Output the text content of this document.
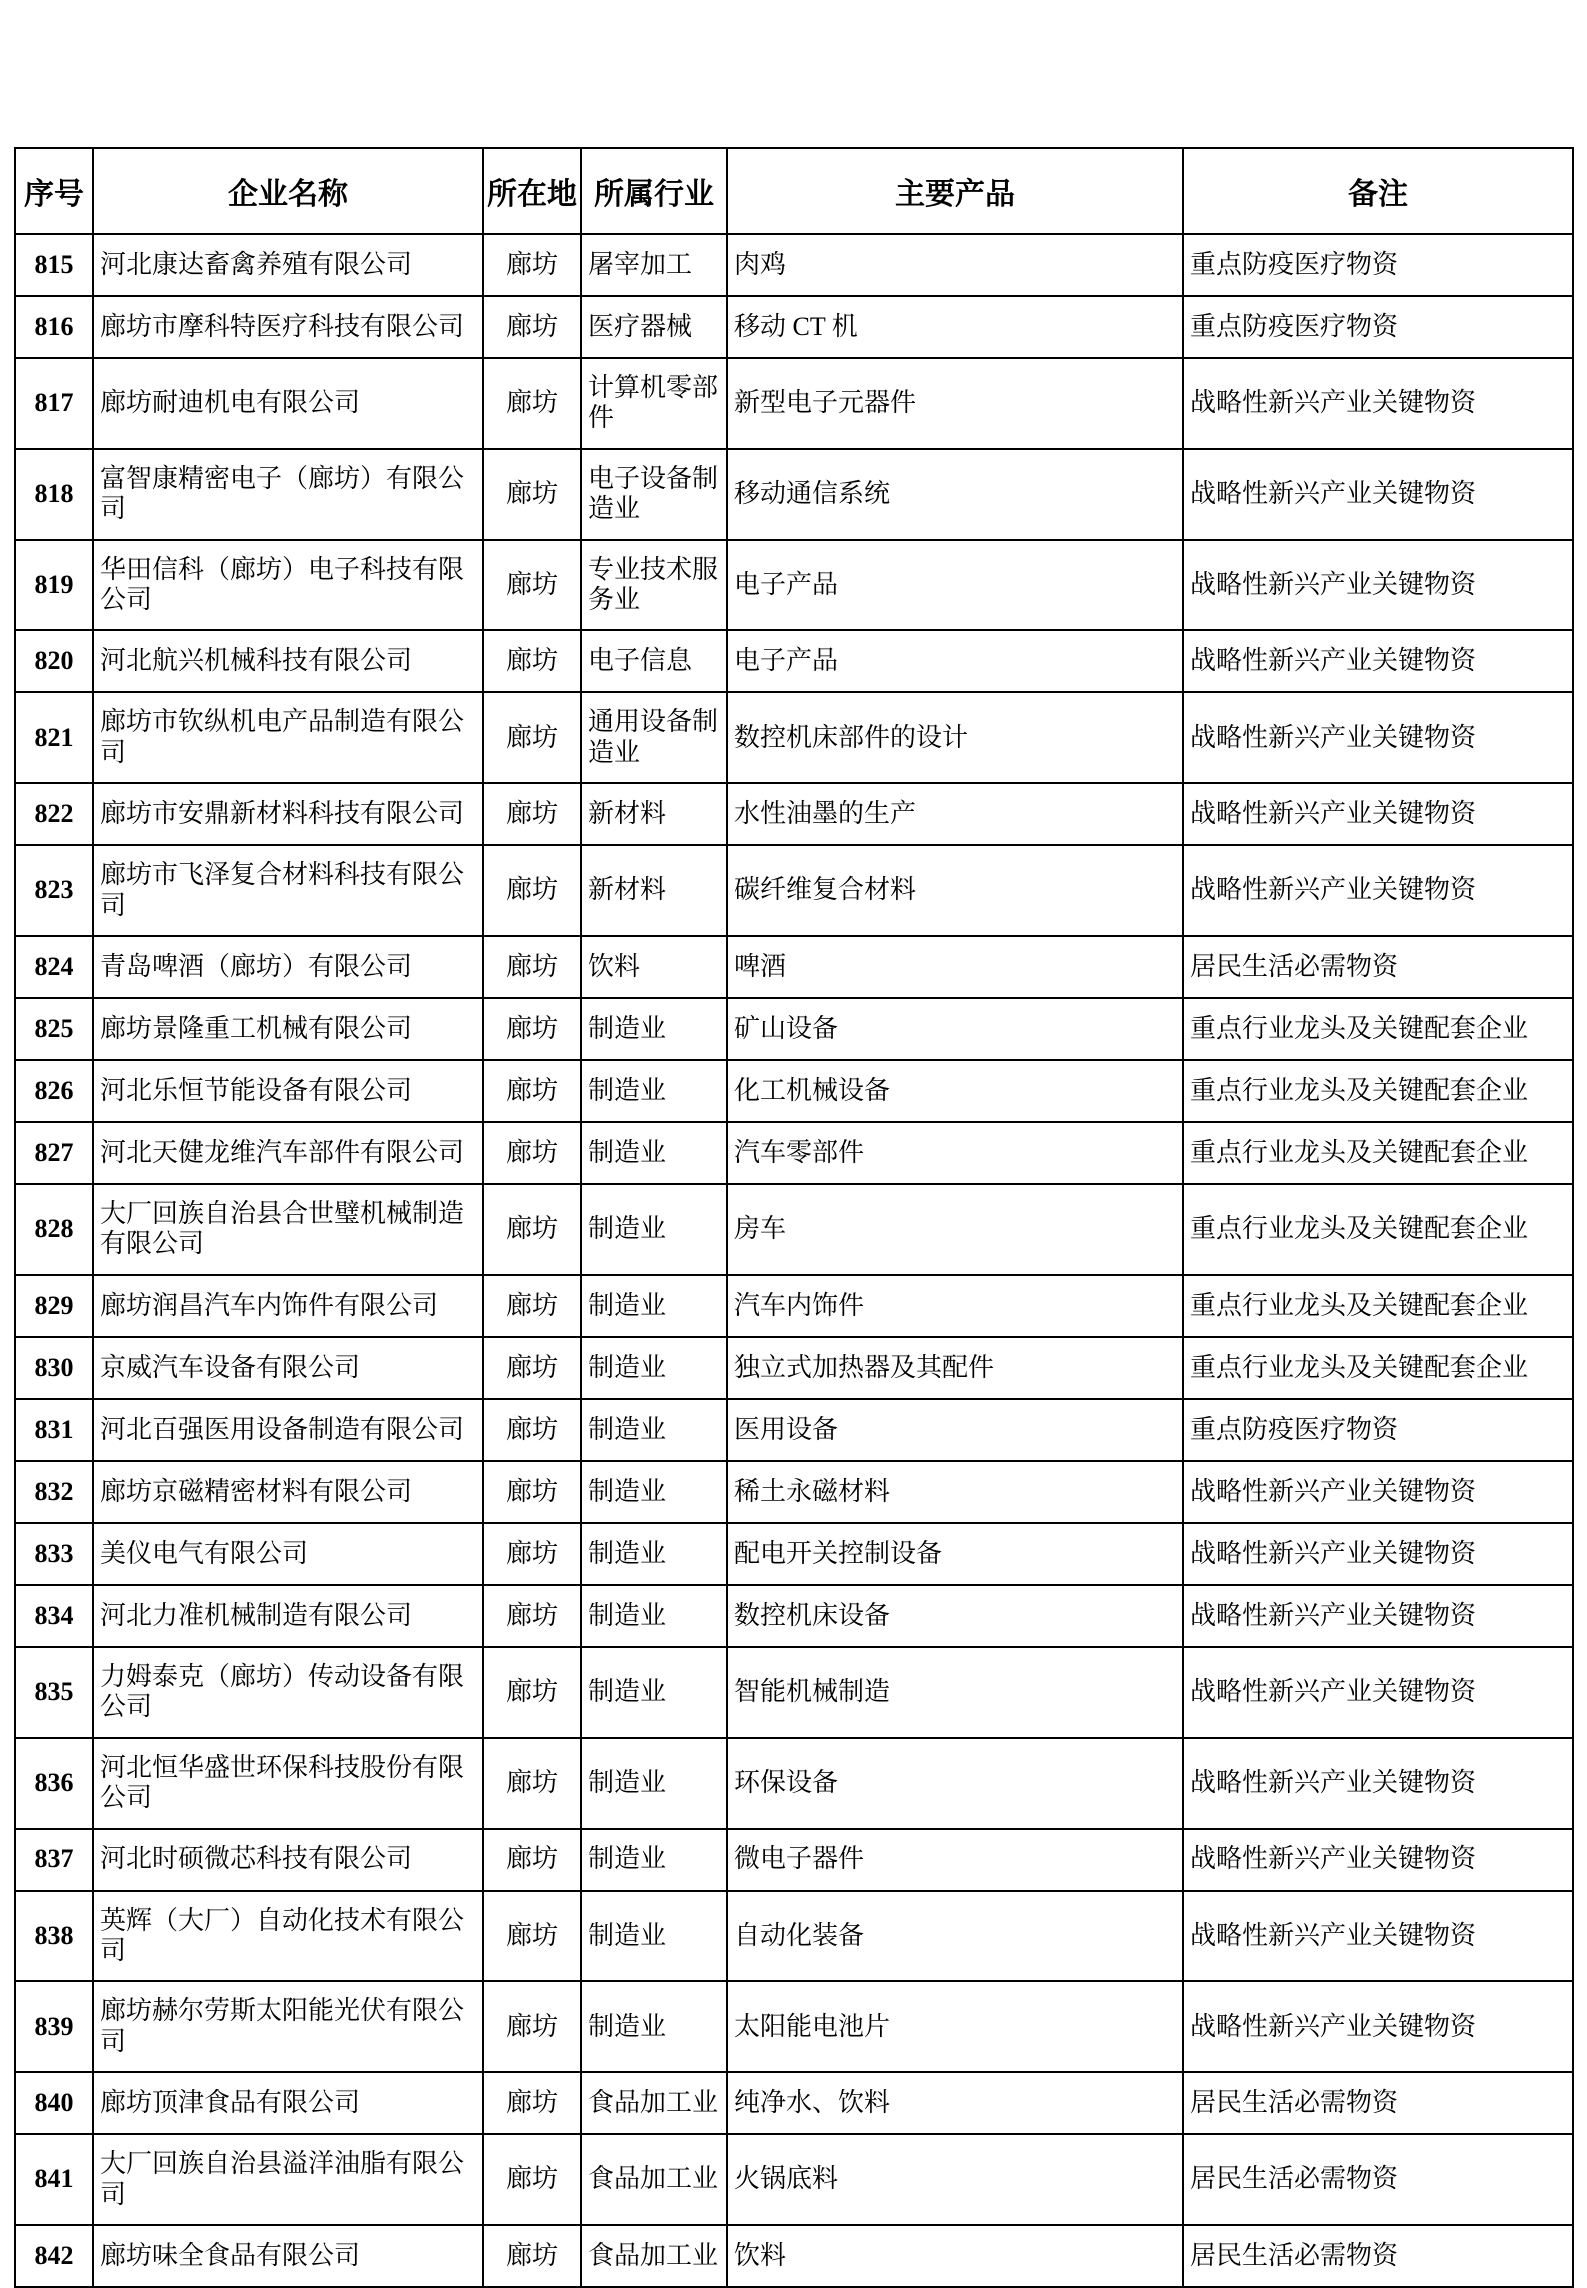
序号	企业名称	所在地	所属行业	主要产品	备注
815	河北康达畜禽养殖有限公司	廊坊	屠宰加工	肉鸡	重点防疫医疗物资
816	廊坊市摩科特医疗科技有限公司	廊坊	医疗器械	移动 CT 机	重点防疫医疗物资
817	廊坊耐迪机电有限公司	廊坊	计算机零部件	新型电子元器件	战略性新兴产业关键物资
818	富智康精密电子（廊坊）有限公司	廊坊	电子设备制造业	移动通信系统	战略性新兴产业关键物资
819	华田信科（廊坊）电子科技有限公司	廊坊	专业技术服务业	电子产品	战略性新兴产业关键物资
820	河北航兴机械科技有限公司	廊坊	电子信息	电子产品	战略性新兴产业关键物资
821	廊坊市钦纵机电产品制造有限公司	廊坊	通用设备制造业	数控机床部件的设计	战略性新兴产业关键物资
822	廊坊市安鼎新材料科技有限公司	廊坊	新材料	水性油墨的生产	战略性新兴产业关键物资
823	廊坊市飞泽复合材料科技有限公司	廊坊	新材料	碳纤维复合材料	战略性新兴产业关键物资
824	青岛啤酒（廊坊）有限公司	廊坊	饮料	啤酒	居民生活必需物资
825	廊坊景隆重工机械有限公司	廊坊	制造业	矿山设备	重点行业龙头及关键配套企业
826	河北乐恒节能设备有限公司	廊坊	制造业	化工机械设备	重点行业龙头及关键配套企业
827	河北天健龙维汽车部件有限公司	廊坊	制造业	汽车零部件	重点行业龙头及关键配套企业
828	大厂回族自治县合世璧机械制造有限公司	廊坊	制造业	房车	重点行业龙头及关键配套企业
829	廊坊润昌汽车内饰件有限公司	廊坊	制造业	汽车内饰件	重点行业龙头及关键配套企业
830	京威汽车设备有限公司	廊坊	制造业	独立式加热器及其配件	重点行业龙头及关键配套企业
831	河北百强医用设备制造有限公司	廊坊	制造业	医用设备	重点防疫医疗物资
832	廊坊京磁精密材料有限公司	廊坊	制造业	稀土永磁材料	战略性新兴产业关键物资
833	美仪电气有限公司	廊坊	制造业	配电开关控制设备	战略性新兴产业关键物资
834	河北力准机械制造有限公司	廊坊	制造业	数控机床设备	战略性新兴产业关键物资
835	力姆泰克（廊坊）传动设备有限公司	廊坊	制造业	智能机械制造	战略性新兴产业关键物资
836	河北恒华盛世环保科技股份有限公司	廊坊	制造业	环保设备	战略性新兴产业关键物资
837	河北时硕微芯科技有限公司	廊坊	制造业	微电子器件	战略性新兴产业关键物资
838	英辉（大厂）自动化技术有限公司	廊坊	制造业	自动化装备	战略性新兴产业关键物资
839	廊坊赫尔劳斯太阳能光伏有限公司	廊坊	制造业	太阳能电池片	战略性新兴产业关键物资
840	廊坊顶津食品有限公司	廊坊	食品加工业	纯净水、饮料	居民生活必需物资
841	大厂回族自治县溢洋油脂有限公司	廊坊	食品加工业	火锅底料	居民生活必需物资
842	廊坊味全食品有限公司	廊坊	食品加工业	饮料	居民生活必需物资
